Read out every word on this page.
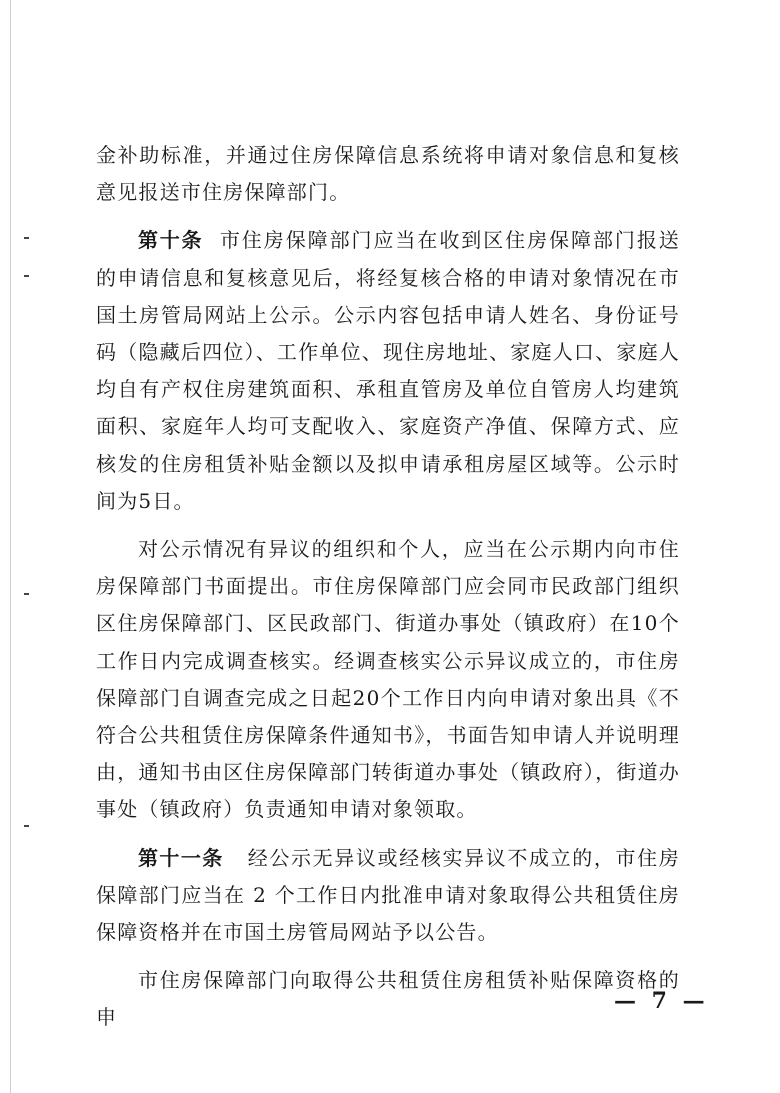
金补助标准，并通过住房保障信息系统将申请对象信息和复核意见报送市住房保障部门。

第十条 市住房保障部门应当在收到区住房保障部门报送的申请信息和复核意见后，将经复核合格的申请对象情况在市国土房管局网站上公示。公示内容包括申请人姓名、身份证号码（隐藏后四位）、工作单位、现住房地址、家庭人口、家庭人均自有产权住房建筑面积、承租直管房及单位自管房人均建筑面积、家庭年人均可支配收入、家庭资产净值、保障方式、应核发的住房租赁补贴金额以及拟申请承租房屋区域等。公示时间为5日。

对公示情况有异议的组织和个人，应当在公示期内向市住房保障部门书面提出。市住房保障部门应会同市民政部门组织区住房保障部门、区民政部门、街道办事处（镇政府）在10个工作日内完成调查核实。经调查核实公示异议成立的，市住房保障部门自调查完成之日起20个工作日内向申请对象出具《不符合公共租赁住房保障条件通知书》，书面告知申请人并说明理由，通知书由区住房保障部门转街道办事处（镇政府），街道办事处（镇政府）负责通知申请对象领取。

第十一条 经公示无异议或经核实异议不成立的，市住房保障部门应当在 2 个工作日内批准申请对象取得公共租赁住房保障资格并在市国土房管局网站予以公告。

市住房保障部门向取得公共租赁住房租赁补贴保障资格的申

— 7 —
